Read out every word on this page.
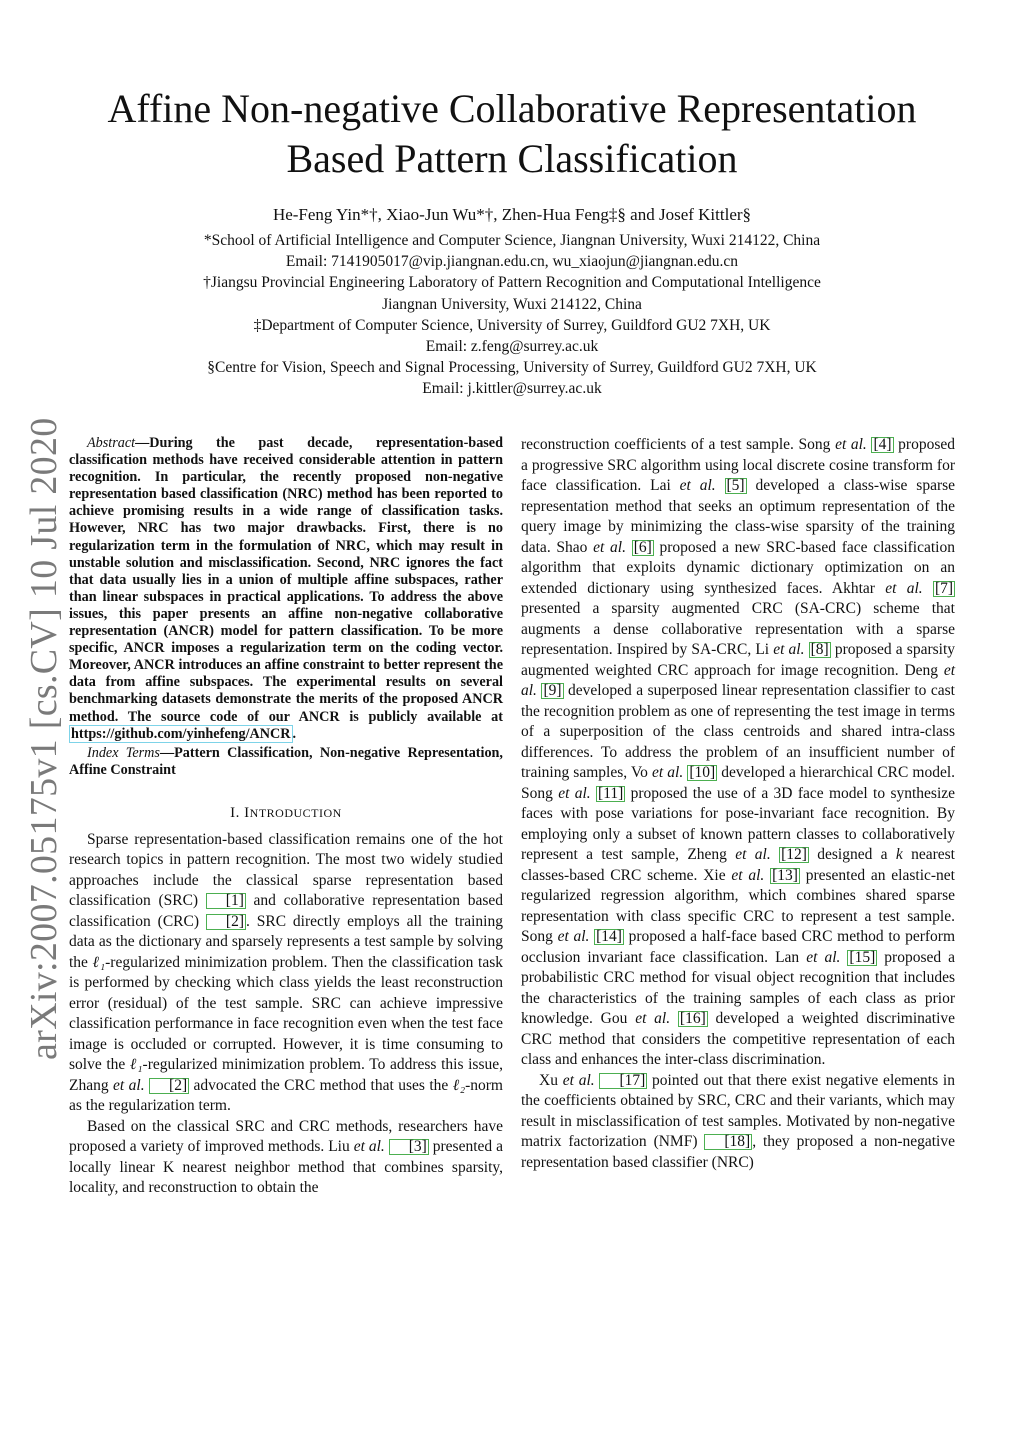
Affine Non-negative Collaborative Representation
Based Pattern Classification
He-Feng Yin*†, Xiao-Jun Wu*†, Zhen-Hua Feng‡§ and Josef Kittler§
*School of Artificial Intelligence and Computer Science, Jiangnan University, Wuxi 214122, China
Email: 7141905017@vip.jiangnan.edu.cn, wu_xiaojun@jiangnan.edu.cn
†Jiangsu Provincial Engineering Laboratory of Pattern Recognition and Computational Intelligence
Jiangnan University, Wuxi 214122, China
‡Department of Computer Science, University of Surrey, Guildford GU2 7XH, UK
Email: z.feng@surrey.ac.uk
§Centre for Vision, Speech and Signal Processing, University of Surrey, Guildford GU2 7XH, UK
Email: j.kittler@surrey.ac.uk
arXiv:2007.05175v1 [cs.CV] 10 Jul 2020	Abstract—During the past decade, representation-based classification methods have received considerable attention in pattern recognition. In particular, the recently proposed non-negative representation based classification (NRC) method has been reported to achieve promising results in a wide range of classification tasks. However, NRC has two major drawbacks. First, there is no regularization term in the formulation of NRC, which may result in unstable solution and misclassification. Second, NRC ignores the fact that data usually lies in a union of multiple affine subspaces, rather than linear subspaces in practical applications. To address the above issues, this paper presents an affine non-negative collaborative representation (ANCR) model for pattern classification. To be more specific, ANCR imposes a regularization term on the coding vector. Moreover, ANCR introduces an affine constraint to better represent the data from affine subspaces. The experimental results on several benchmarking datasets demonstrate the merits of the proposed ANCR method. The source code of our ANCR is publicly available at https://github.com/yinhefeng/ANCR .

Index Terms—Pattern Classification, Non-negative Representation, Affine Constraint

I. INTRODUCTION

Sparse representation-based classification remains one of the hot research topics in pattern recognition. The most two widely studied approaches include the classical sparse representation based classification (SRC) [1] and collaborative representation based classification (CRC) [2] . SRC directly employs all the training data as the dictionary and sparsely represents a test sample by solving the ℓ₁-regularized minimization problem. Then the classification task is performed by checking which class yields the least reconstruction error (residual) of the test sample. SRC can achieve impressive classification performance in face recognition even when the test face image is occluded or corrupted. However, it is time consuming to solve the ℓ₁-regularized minimization problem. To address this issue, Zhang et al. [2] advocated the CRC method that uses the ℓ₂-norm as the regularization term.

Based on the classical SRC and CRC methods, researchers have proposed a variety of improved methods. Liu et al. [3] presented a locally linear K nearest neighbor method that combines sparsity, locality, and reconstruction to obtain the

reconstruction coefficients of a test sample. Song et al. [4] proposed a progressive SRC algorithm using local discrete cosine transform for face classification. Lai et al. [5] developed a class-wise sparse representation method that seeks an optimum representation of the query image by minimizing the class-wise sparsity of the training data. Shao et al. [6] proposed a new SRC-based face classification algorithm that exploits dynamic dictionary optimization on an extended dictionary using synthesized faces. Akhtar et al. [7] presented a sparsity augmented CRC (SA-CRC) scheme that augments a dense collaborative representation with a sparse representation. Inspired by SA-CRC, Li et al. [8] proposed a sparsity augmented weighted CRC approach for image recognition. Deng et al. [9] developed a superposed linear representation classifier to cast the recognition problem as one of representing the test image in terms of a superposition of the class centroids and shared intra-class differences. To address the problem of an insufficient number of training samples, Vo et al. [10] developed a hierarchical CRC model. Song et al. [11] proposed the use of a 3D face model to synthesize faces with pose variations for pose-invariant face recognition. By employing only a subset of known pattern classes to collaboratively represent a test sample, Zheng et al. [12] designed a k nearest classes-based CRC scheme. Xie et al. [13] presented an elastic-net regularized regression algorithm, which combines shared sparse representation with class specific CRC to represent a test sample. Song et al. [14] proposed a half-face based CRC method to perform occlusion invariant face classification. Lan et al. [15] proposed a probabilistic CRC method for visual object recognition that includes the characteristics of the training samples of each class as prior knowledge. Gou et al. [16] developed a weighted discriminative CRC method that considers the competitive representation of each class and enhances the inter-class discrimination.

Xu et al. [17] pointed out that there exist negative elements in the coefficients obtained by SRC, CRC and their variants, which may result in misclassification of test samples. Motivated by non-negative matrix factorization (NMF) [18] , they proposed a non-negative representation based classifier (NRC)
